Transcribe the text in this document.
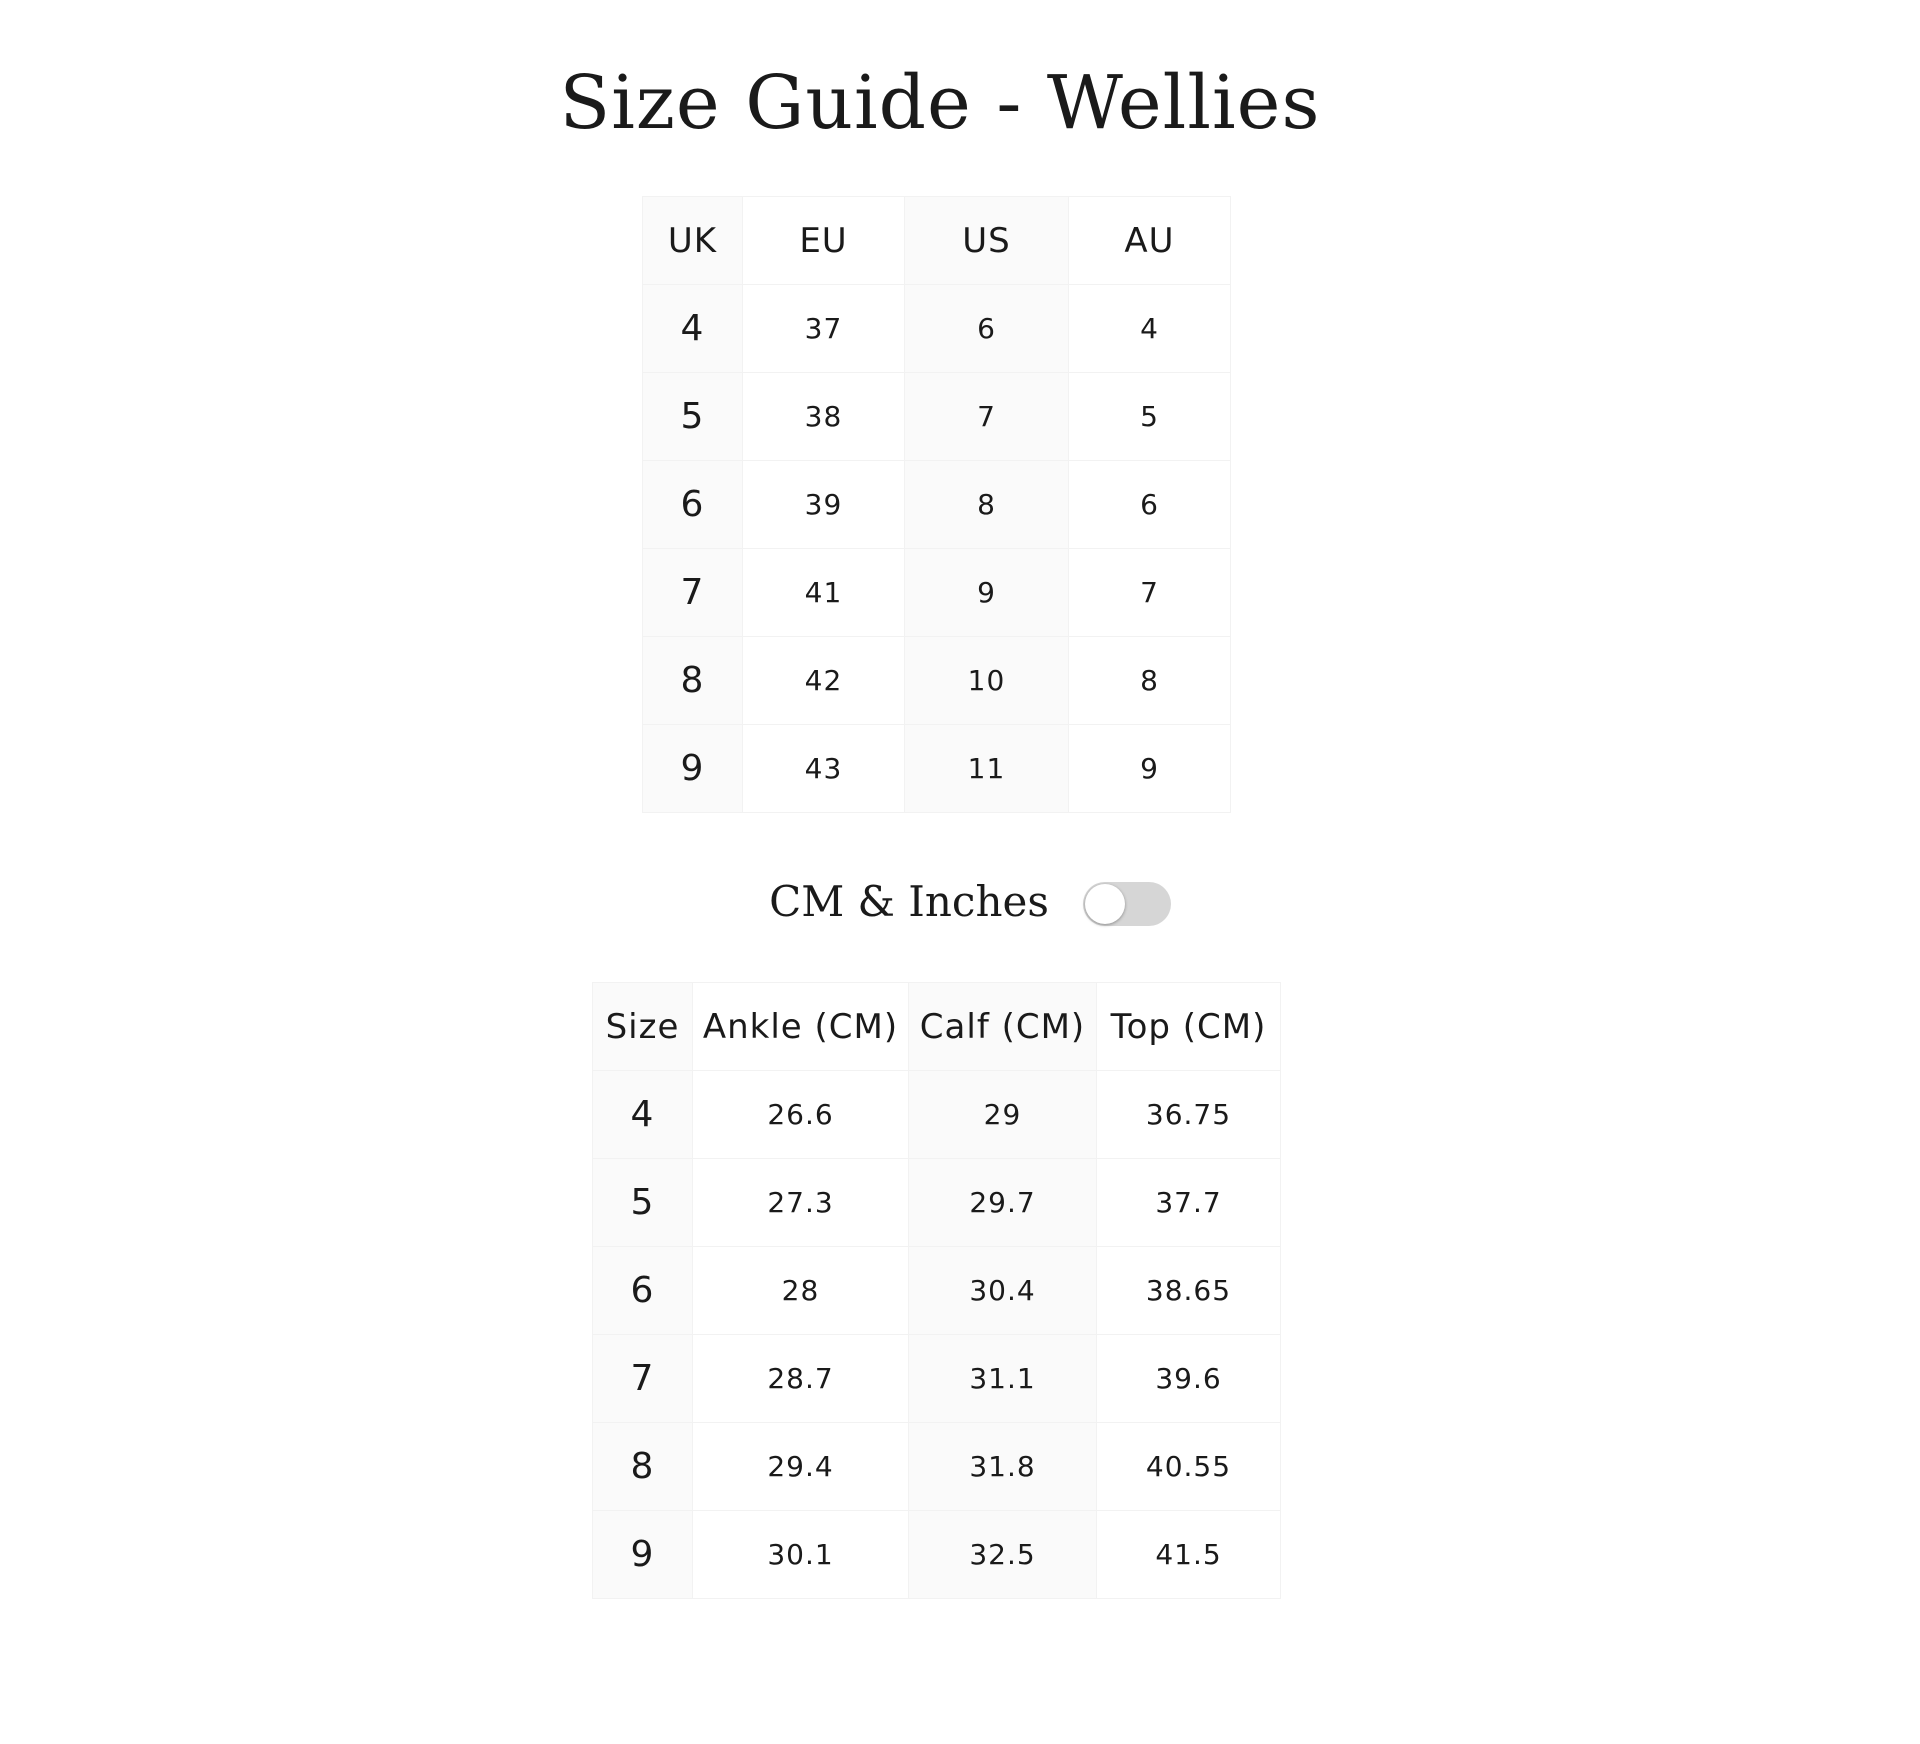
Size Guide - Wellies
UK	EU	US	AU
4	37	6	4
5	38	7	5
6	39	8	6
7	41	9	7
8	42	10	8
9	43	11	9
CM & Inches
Size	Ankle (CM)	Calf (CM)	Top (CM)
4	26.6	29	36.75
5	27.3	29.7	37.7
6	28	30.4	38.65
7	28.7	31.1	39.6
8	29.4	31.8	40.55
9	30.1	32.5	41.5
